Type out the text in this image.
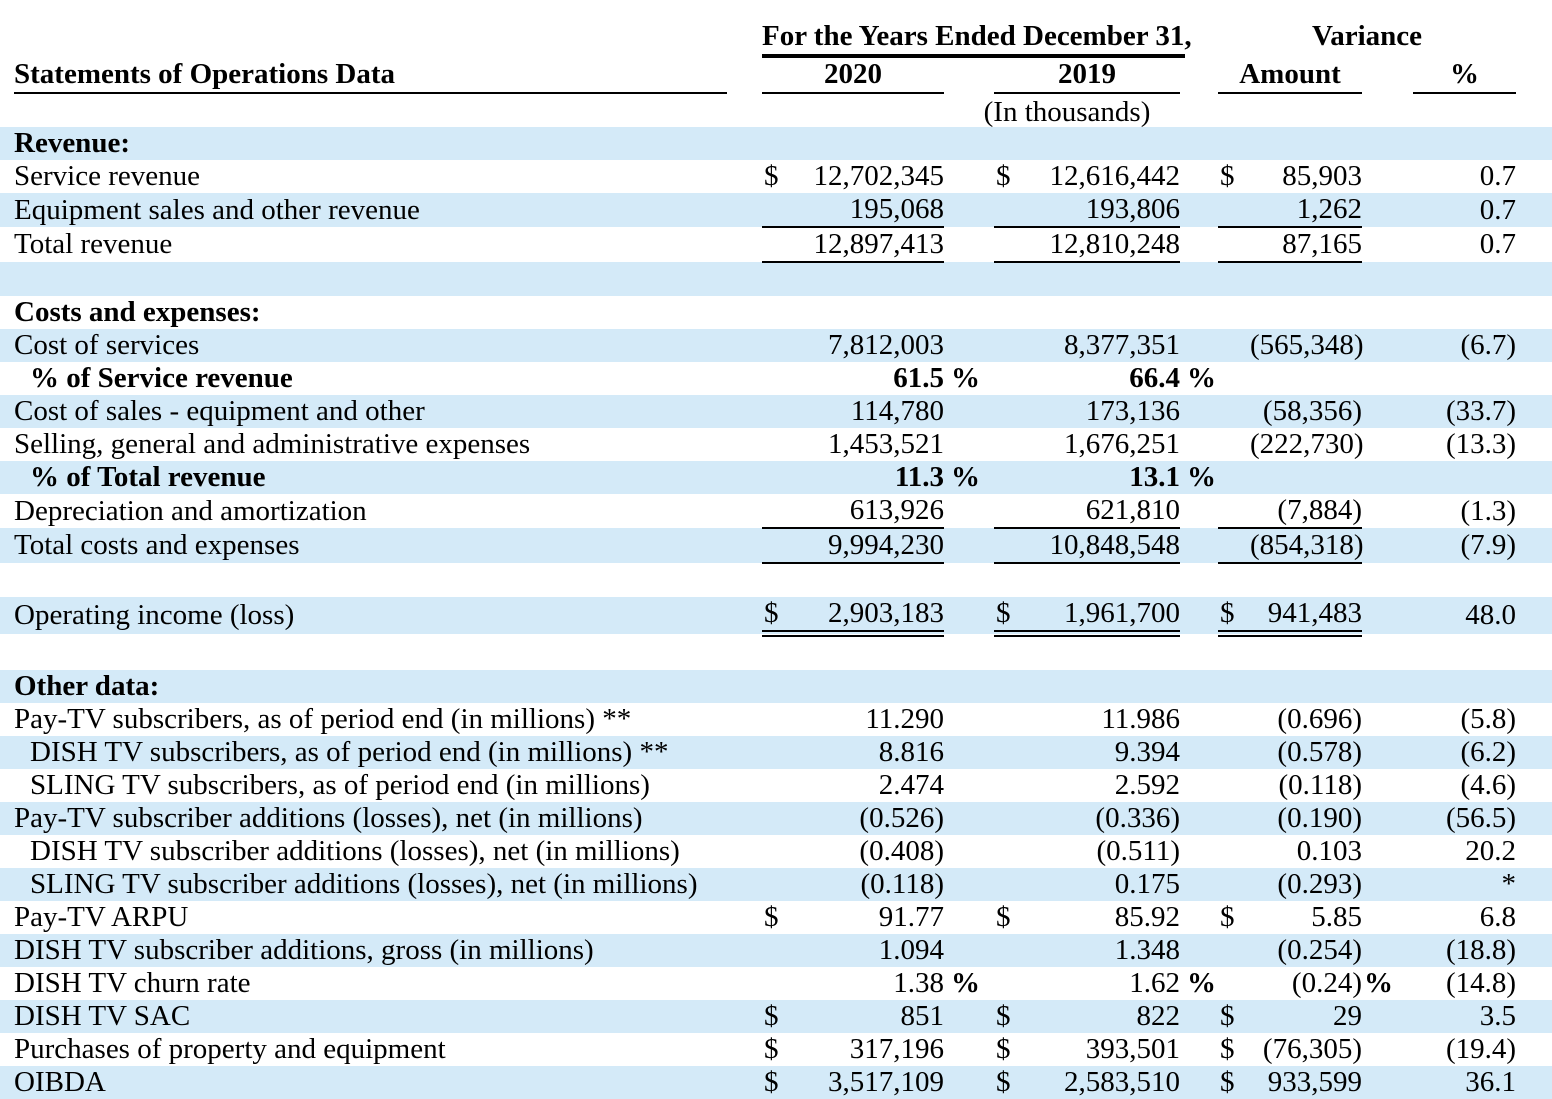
	For the Years Ended December 31,						Variance			

Statements of Operations Data	2020			2019			Amount			%

				(In thousands)						

Revenue:										
Service revenue	$	12,702,345		$	12,616,442		$	85,903		0.7
Equipment sales and other revenue		195,068			193,806			1,262		0.7
Total revenue		12,897,413			12,810,248			87,165		0.7

Costs and expenses:										
Cost of services		7,812,003			8,377,351			(565,348)		(6.7)
% of Service revenue		61.5	%		66.4	%				
Cost of sales - equipment and other		114,780			173,136			(58,356)		(33.7)
Selling, general and administrative expenses		1,453,521			1,676,251			(222,730)		(13.3)
% of Total revenue		11.3	%		13.1	%				
Depreciation and amortization		613,926			621,810			(7,884)		(1.3)
Total costs and expenses		9,994,230			10,848,548			(854,318)		(7.9)

Operating income (loss)	$	2,903,183		$	1,961,700		$	941,483		48.0

Other data:										
Pay-TV subscribers, as of period end (in millions) **		11.290			11.986			(0.696)		(5.8)
DISH TV subscribers, as of period end (in millions) **		8.816			9.394			(0.578)		(6.2)
SLING TV subscribers, as of period end (in millions)		2.474			2.592			(0.118)		(4.6)
Pay-TV subscriber additions (losses), net (in millions)		(0.526)			(0.336)			(0.190)		(56.5)
DISH TV subscriber additions (losses), net (in millions)		(0.408)			(0.511)			0.103		20.2
SLING TV subscriber additions (losses), net (in millions)		(0.118)			0.175			(0.293)		*
Pay-TV ARPU	$	91.77		$	85.92		$	5.85		6.8
DISH TV subscriber additions, gross (in millions)		1.094			1.348			(0.254)		(18.8)
DISH TV churn rate		1.38	%		1.62	%		(0.24)	%	(14.8)
DISH TV SAC	$	851		$	822		$	29		3.5
Purchases of property and equipment	$	317,196		$	393,501		$	(76,305)		(19.4)
OIBDA	$	3,517,109		$	2,583,510		$	933,599		36.1
